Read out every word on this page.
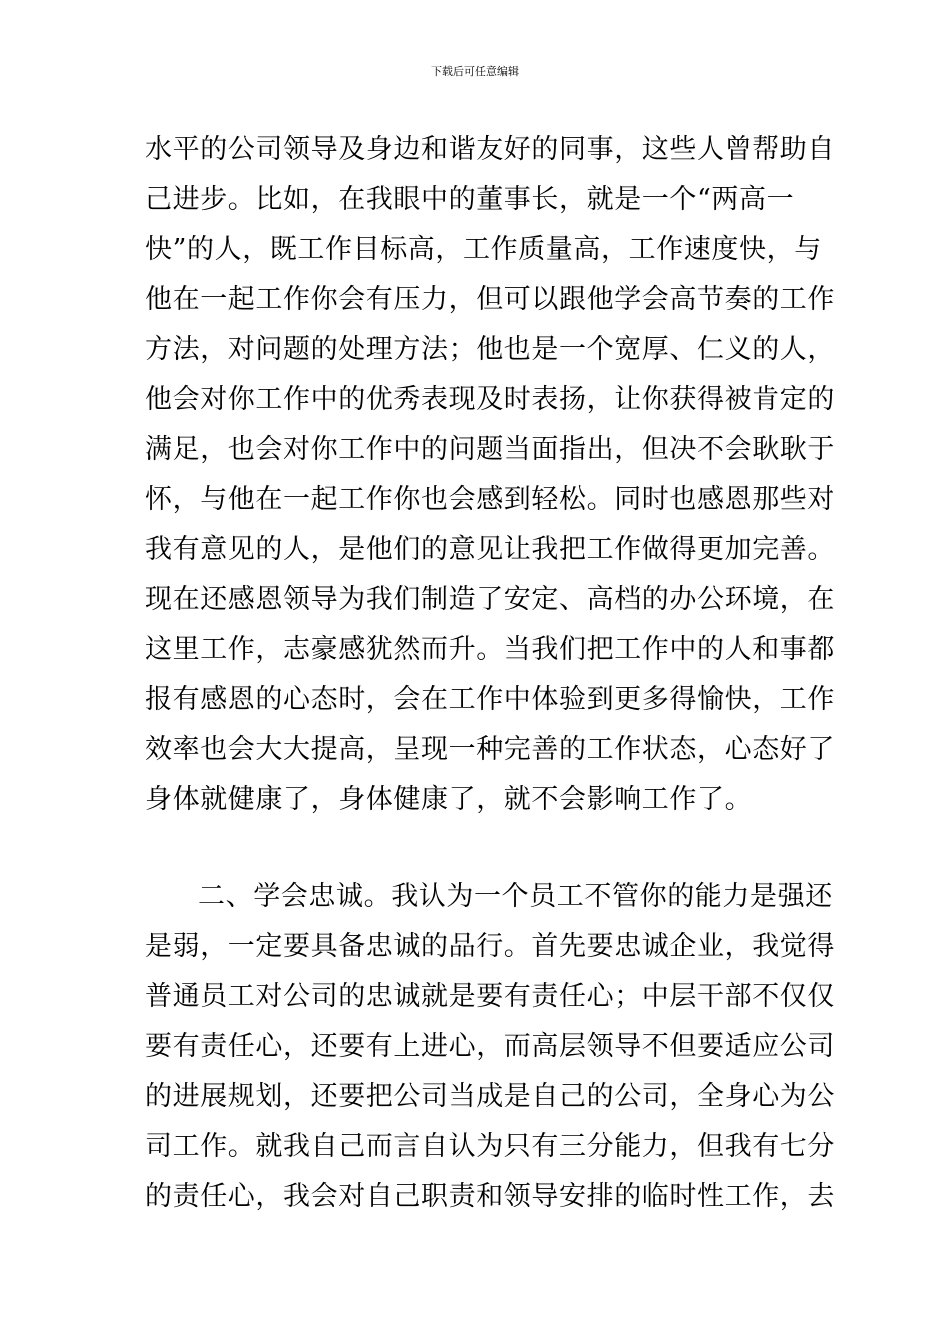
下载后可任意编辑
水平的公司领导及身边和谐友好的同事，这些人曾帮助自
己进步。比如，在我眼中的董事长，就是一个“两高一
快”的人，既工作目标高，工作质量高，工作速度快，与
他在一起工作你会有压力，但可以跟他学会高节奏的工作
方法，对问题的处理方法；他也是一个宽厚、仁义的人，
他会对你工作中的优秀表现及时表扬，让你获得被肯定的
满足，也会对你工作中的问题当面指出，但决不会耿耿于
怀，与他在一起工作你也会感到轻松。同时也感恩那些对
我有意见的人，是他们的意见让我把工作做得更加完善。
现在还感恩领导为我们制造了安定、高档的办公环境，在
这里工作，志豪感犹然而升。当我们把工作中的人和事都
报有感恩的心态时，会在工作中体验到更多得愉快，工作
效率也会大大提高，呈现一种完善的工作状态，心态好了
身体就健康了，身体健康了，就不会影响工作了。
二、学会忠诚。我认为一个员工不管你的能力是强还
是弱，一定要具备忠诚的品行。首先要忠诚企业，我觉得
普通员工对公司的忠诚就是要有责任心；中层干部不仅仅
要有责任心，还要有上进心，而高层领导不但要适应公司
的进展规划，还要把公司当成是自己的公司，全身心为公
司工作。就我自己而言自认为只有三分能力，但我有七分
的责任心，我会对自己职责和领导安排的临时性工作，去
